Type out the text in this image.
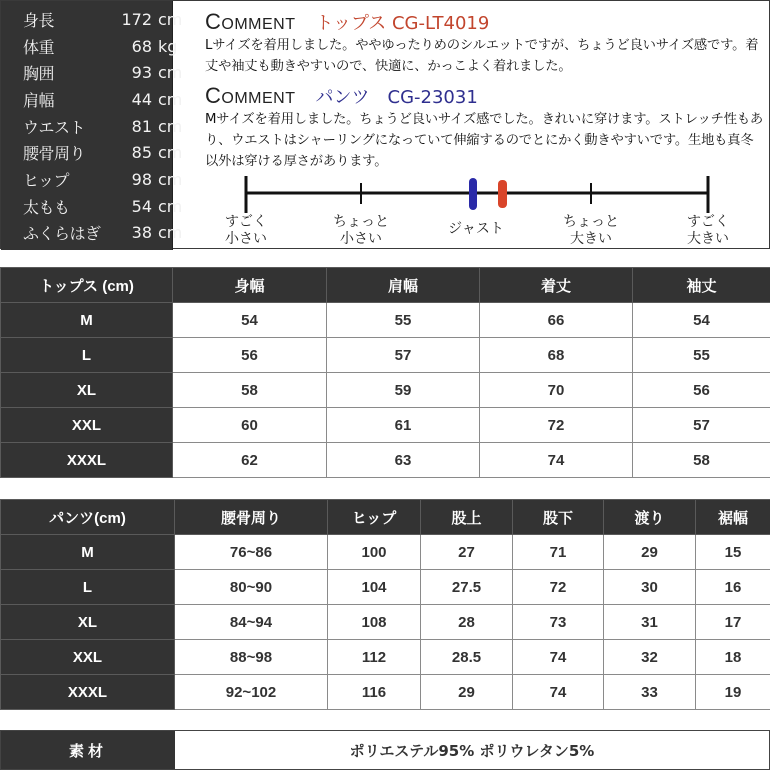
身長	172 cm
体重	68 kg
胸囲	93 cm
肩幅	44 cm
ウエスト	81 cm
腰骨周り	85 cm
ヒップ	98 cm
太もも	54 cm
ふくらはぎ	38 cm
COMMENT トップス CG-LT4019

Lサイズを着用しました。ややゆったりめのシルエットですが、ちょうど良いサイズ感です。着丈や袖丈も動きやすいので、快適に、かっこよく着れました。

COMMENT パンツ　CG-23031

Mサイズを着用しました。ちょうど良いサイズ感でした。きれいに穿けます。ストレッチ性もあり、ウエストはシャーリングになっていて伸縮するのでとにかく動きやすいです。生地も真冬以外は穿ける厚さがあります。

すごく
小さい
ちょっと
小さい
ジャスト	ちょっと
大きい
すごく
大きい
トップス (cm)	身幅	肩幅	着丈	袖丈
M	54	55	66	54
L	56	57	68	55
XL	58	59	70	56
XXL	60	61	72	57
XXXL	62	63	74	58
パンツ(cm)	腰骨周り	ヒップ	股上	股下	渡り	裾幅
M	76~86	100	27	71	29	15
L	80~90	104	27.5	72	30	16
XL	84~94	108	28	73	31	17
XXL	88~98	112	28.5	74	32	18
XXXL	92~102	116	29	74	33	19
素材	ポリエステル95% ポリウレタン5%
